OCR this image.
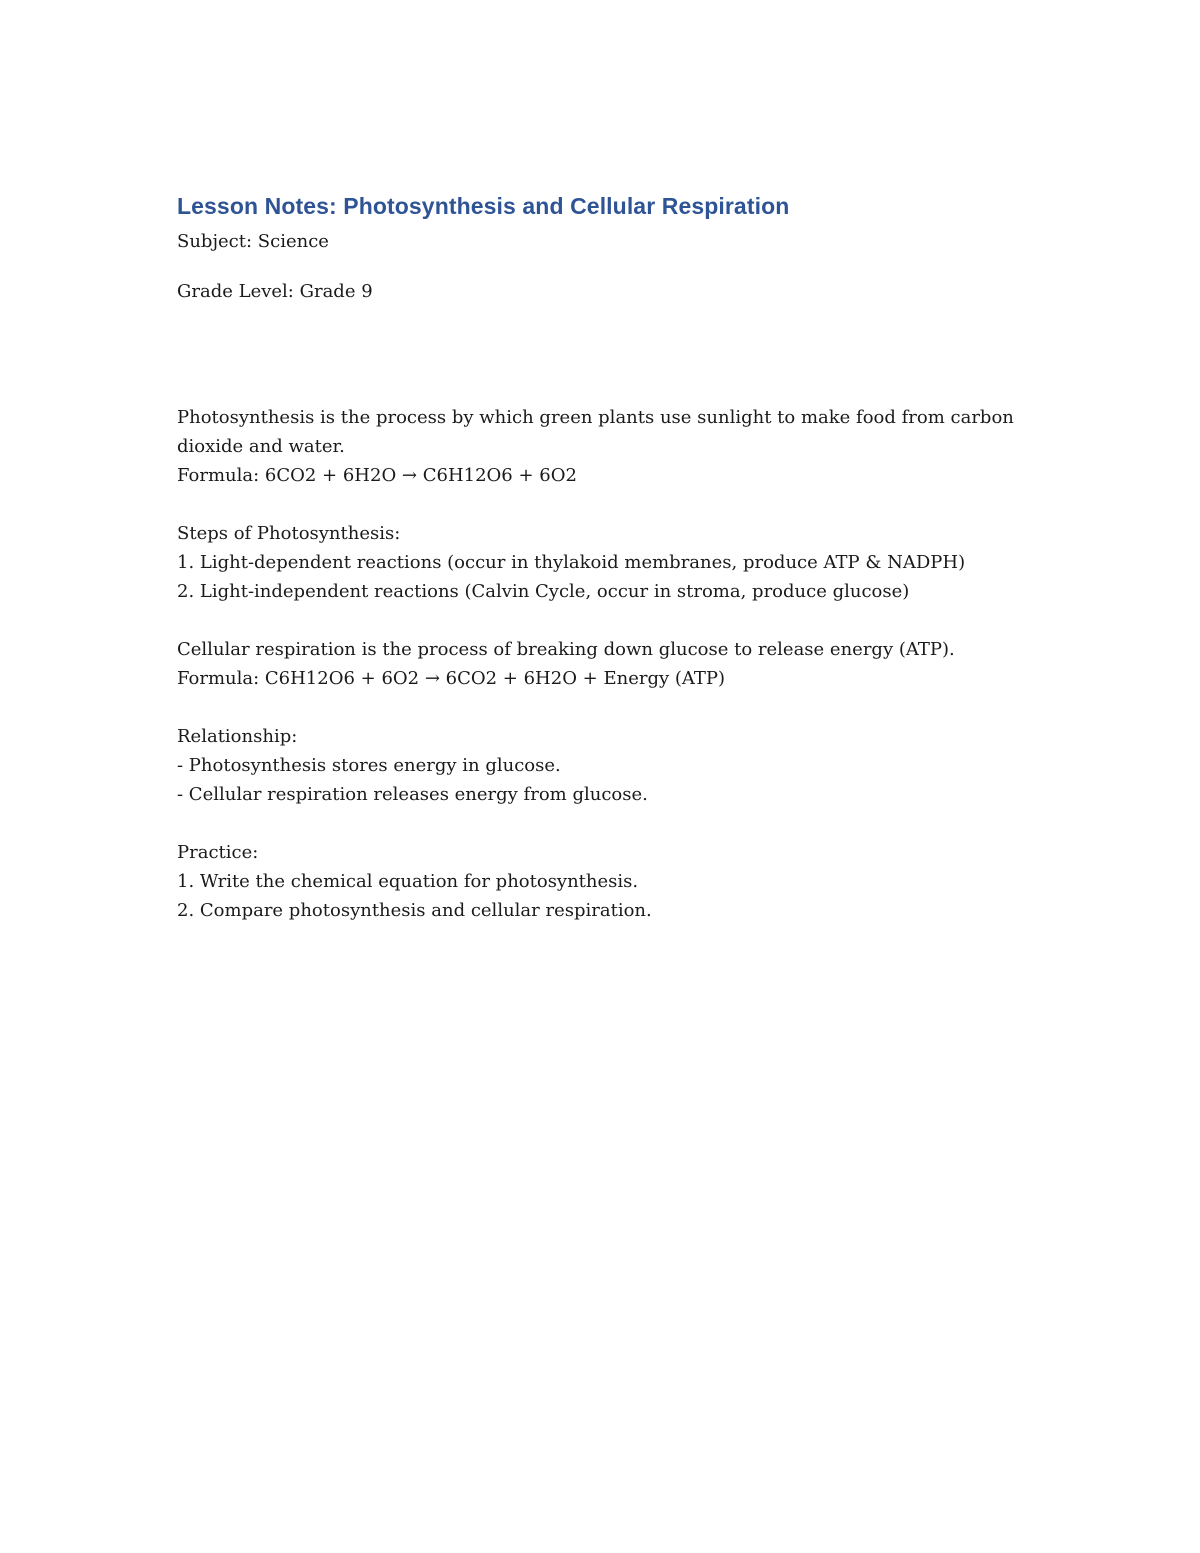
Lesson Notes: Photosynthesis and Cellular Respiration

Subject: Science

Grade Level: Grade 9

Photosynthesis is the process by which green plants use sunlight to make food from carbon

dioxide and water.

Formula: 6CO2 + 6H2O → C6H12O6 + 6O2

Steps of Photosynthesis:

1. Light-dependent reactions (occur in thylakoid membranes, produce ATP & NADPH)

2. Light-independent reactions (Calvin Cycle, occur in stroma, produce glucose)

Cellular respiration is the process of breaking down glucose to release energy (ATP).

Formula: C6H12O6 + 6O2 → 6CO2 + 6H2O + Energy (ATP)

Relationship:

- Photosynthesis stores energy in glucose.

- Cellular respiration releases energy from glucose.

Practice:

1. Write the chemical equation for photosynthesis.

2. Compare photosynthesis and cellular respiration.
